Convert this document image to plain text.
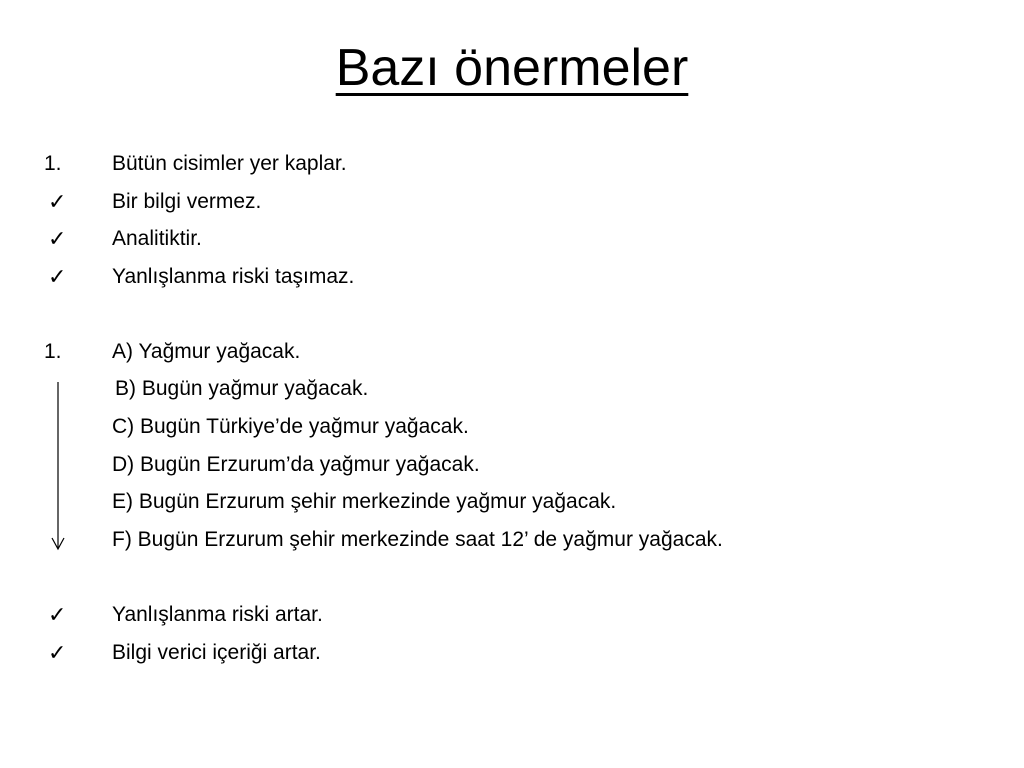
Bazı önermeler
1. Bütün cisimler yer kaplar.
✓ Bir bilgi vermez.
✓ Analitiktir.
✓ Yanlışlanma riski taşımaz.
1. A) Yağmur yağacak.
B) Bugün yağmur yağacak.
C) Bugün Türkiye’de yağmur yağacak.
D) Bugün Erzurum’da yağmur yağacak.
E) Bugün Erzurum şehir merkezinde yağmur yağacak.
F) Bugün Erzurum şehir merkezinde saat 12’ de yağmur yağacak.
✓ Yanlışlanma riski artar.
✓ Bilgi verici içeriği artar.
